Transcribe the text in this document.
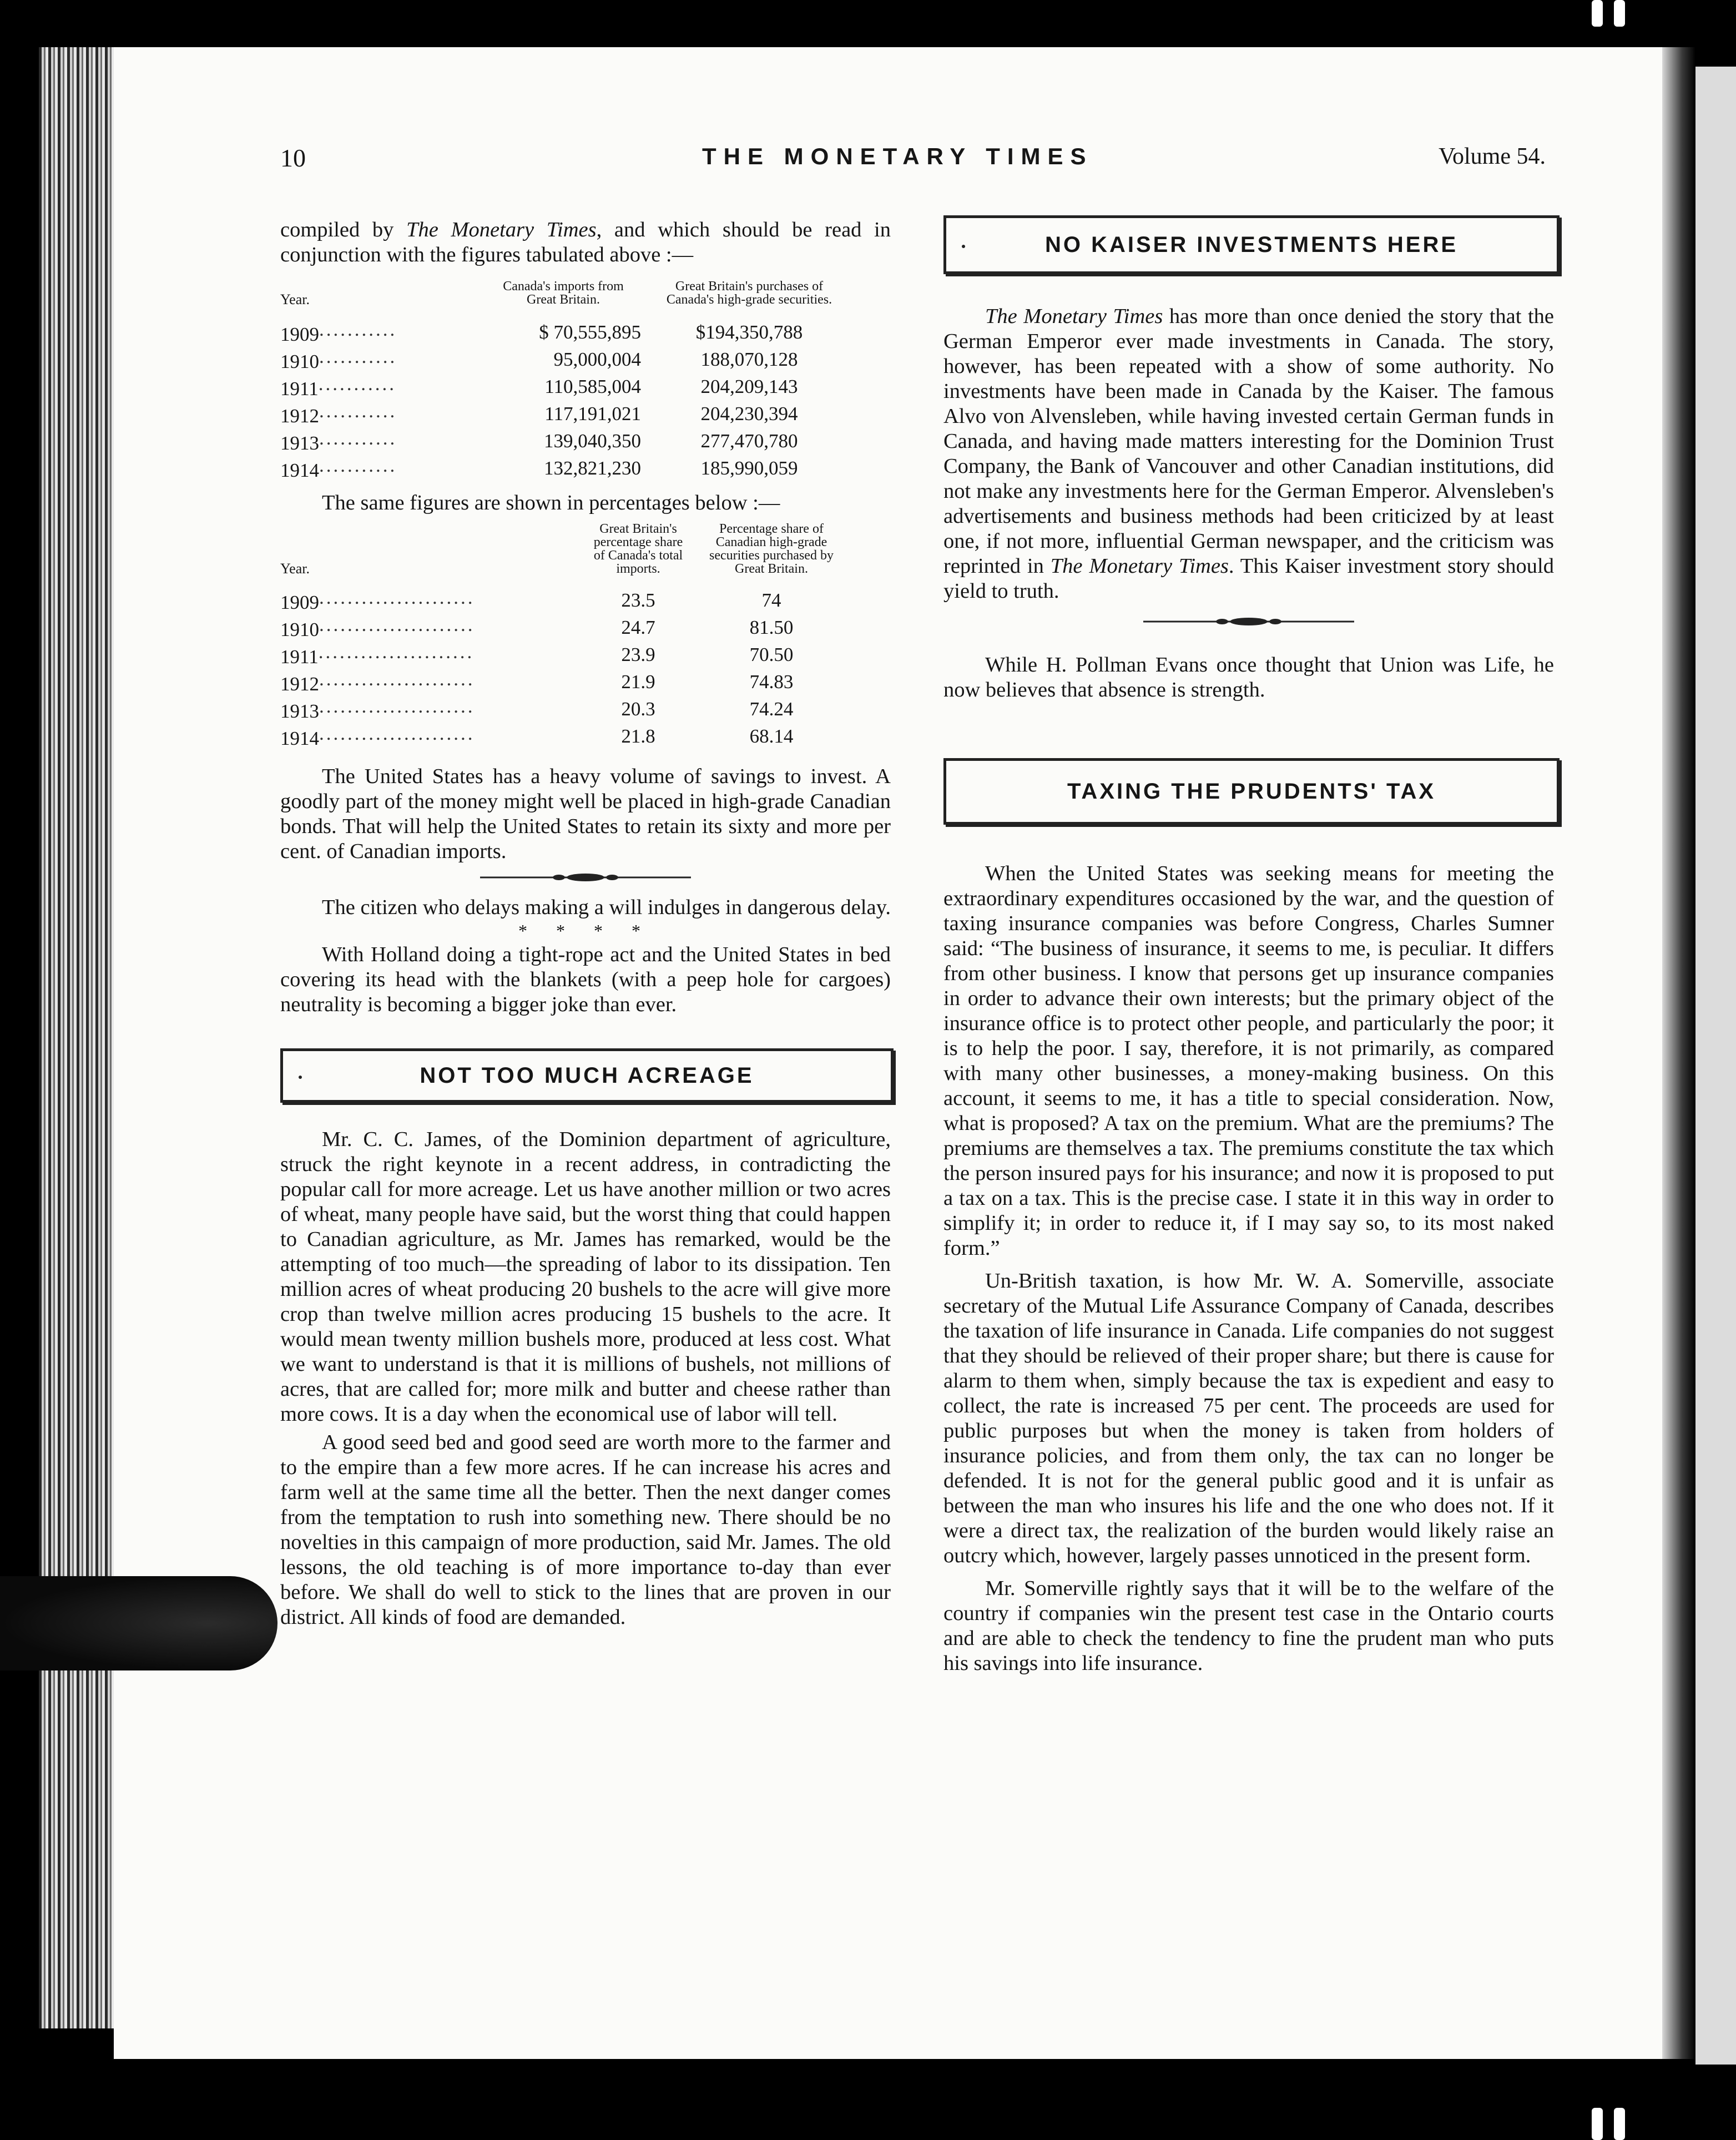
10	THE MONETARY TIMES	Volume 54.

compiled by The Monetary Times, and which should be read in conjunction with the figures tabulated above :—

Year.	Canada's imports from Great Britain.	Great Britain's purchases of Canada's high-grade securities.

1909...........	$ 70,555,895	$194,350,788
1910...........	95,000,004	188,070,128
1911...........	110,585,004	204,209,143
1912...........	117,191,021	204,230,394
1913...........	139,040,350	277,470,780
1914...........	132,821,230	185,990,059

The same figures are shown in percentages below :—

Year.	Great Britain's percentage share of Canada's total imports.	Percentage share of Canadian high-grade securities purchased by Great Britain.

1909......................	23.5	74
1910......................	24.7	81.50
1911......................	23.9	70.50
1912......................	21.9	74.83
1913......................	20.3	74.24
1914......................	21.8	68.14

The United States has a heavy volume of savings to invest. A goodly part of the money might well be placed in high-grade Canadian bonds. That will help the United States to retain its sixty and more per cent. of Canadian imports.

The citizen who delays making a will indulges in dangerous delay.

* * * *

With Holland doing a tight-rope act and the United States in bed covering its head with the blankets (with a peep hole for cargoes) neutrality is becoming a bigger joke than ever.

NOT TOO MUCH ACREAGE

Mr. C. C. James, of the Dominion department of agriculture, struck the right keynote in a recent address, in contradicting the popular call for more acreage. Let us have another million or two acres of wheat, many people have said, but the worst thing that could happen to Canadian agriculture, as Mr. James has remarked, would be the attempting of too much—the spreading of labor to its dissipation. Ten million acres of wheat producing 20 bushels to the acre will give more crop than twelve million acres producing 15 bushels to the acre. It would mean twenty million bushels more, produced at less cost. What we want to understand is that it is millions of bushels, not millions of acres, that are called for; more milk and butter and cheese rather than more cows. It is a day when the economical use of labor will tell.

A good seed bed and good seed are worth more to the farmer and to the empire than a few more acres. If he can increase his acres and farm well at the same time all the better. Then the next danger comes from the temptation to rush into something new. There should be no novelties in this campaign of more production, said Mr. James. The old lessons, the old teaching is of more importance to-day than ever before. We shall do well to stick to the lines that are proven in our district. All kinds of food are demanded.

NO KAISER INVESTMENTS HERE

The Monetary Times has more than once denied the story that the German Emperor ever made investments in Canada. The story, however, has been repeated with a show of some authority. No investments have been made in Canada by the Kaiser. The famous Alvo von Alvensleben, while having invested certain German funds in Canada, and having made matters interesting for the Dominion Trust Company, the Bank of Vancouver and other Canadian institutions, did not make any investments here for the German Emperor. Alvensleben's advertisements and business methods had been criticized by at least one, if not more, influential German newspaper, and the criticism was reprinted in The Monetary Times. This Kaiser investment story should yield to truth.

While H. Pollman Evans once thought that Union was Life, he now believes that absence is strength.

TAXING THE PRUDENTS' TAX

When the United States was seeking means for meeting the extraordinary expenditures occasioned by the war, and the question of taxing insurance companies was before Congress, Charles Sumner said: “The business of insurance, it seems to me, is peculiar. It differs from other business. I know that persons get up insurance companies in order to advance their own interests; but the primary object of the insurance office is to protect other people, and particularly the poor; it is to help the poor. I say, therefore, it is not primarily, as compared with many other businesses, a money-making business. On this account, it seems to me, it has a title to special consideration. Now, what is proposed? A tax on the premium. What are the premiums? The premiums are themselves a tax. The premiums constitute the tax which the person insured pays for his insurance; and now it is proposed to put a tax on a tax. This is the precise case. I state it in this way in order to simplify it; in order to reduce it, if I may say so, to its most naked form.”

Un-British taxation, is how Mr. W. A. Somerville, associate secretary of the Mutual Life Assurance Company of Canada, describes the taxation of life insurance in Canada. Life companies do not suggest that they should be relieved of their proper share; but there is cause for alarm to them when, simply because the tax is expedient and easy to collect, the rate is increased 75 per cent. The proceeds are used for public purposes but when the money is taken from holders of insurance policies, and from them only, the tax can no longer be defended. It is not for the general public good and it is unfair as between the man who insures his life and the one who does not. If it were a direct tax, the realization of the burden would likely raise an outcry which, however, largely passes unnoticed in the present form.

Mr. Somerville rightly says that it will be to the welfare of the country if companies win the present test case in the Ontario courts and are able to check the tendency to fine the prudent man who puts his savings into life insurance.
